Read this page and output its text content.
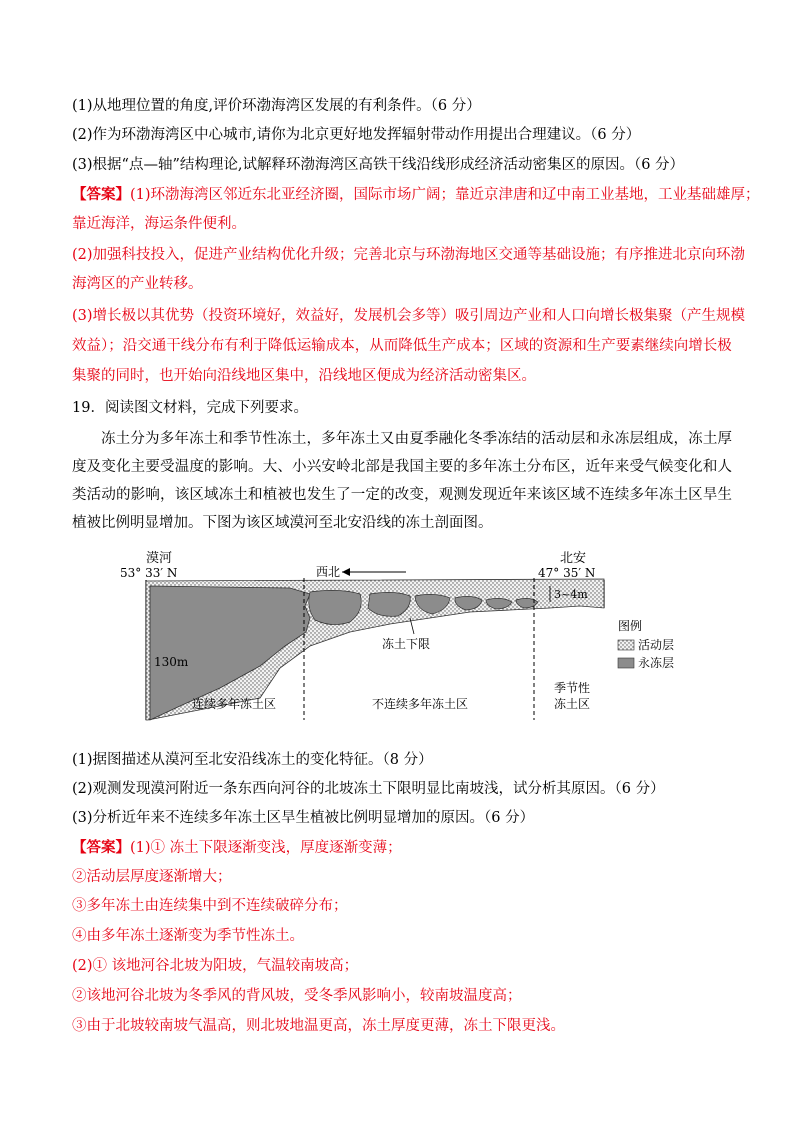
(1)从地理位置的角度,评价环渤海湾区发展的有利条件。（6 分）
(2)作为环渤海湾区中心城市,请你为北京更好地发挥辐射带动作用提出合理建议。（6 分）
(3)根据“点—轴”结构理论,试解释环渤海湾区高铁干线沿线形成经济活动密集区的原因。（6 分）
【答案】(1)环渤海湾区邻近东北亚经济圈，国际市场广阔；靠近京津唐和辽中南工业基地，工业基础雄厚；
靠近海洋，海运条件便利。
(2)加强科技投入，促进产业结构优化升级；完善北京与环渤海地区交通等基础设施；有序推进北京向环渤
海湾区的产业转移。
(3)增长极以其优势（投资环境好，效益好，发展机会多等）吸引周边产业和人口向增长极集聚（产生规模
效益）；沿交通干线分布有利于降低运输成本，从而降低生产成本；区域的资源和生产要素继续向增长极
集聚的同时，也开始向沿线地区集中，沿线地区便成为经济活动密集区。
19．阅读图文材料，完成下列要求。
冻土分为多年冻土和季节性冻土，多年冻土又由夏季融化冬季冻结的活动层和永冻层组成，冻土厚度及变化主要受温度的影响。大、小兴安岭北部是我国主要的多年冻土分布区，近年来受气候变化和人类活动的影响，该区域冻土和植被也发生了一定的改变，观测发现近年来该区域不连续多年冻土区旱生植被比例明显增加。下图为该区域漠河至北安沿线的冻土剖面图。
漠河
53° 33′ N
北安
47° 35′ N
西北
3~4m
冻土下限
130m
连续多年冻土区	不连续多年冻土区
季节性
冻土区
图例
活动层
永冻层
(1)据图描述从漠河至北安沿线冻土的变化特征。（8 分）
(2)观测发现漠河附近一条东西向河谷的北坡冻土下限明显比南坡浅，试分析其原因。（6 分）
(3)分析近年来不连续多年冻土区旱生植被比例明显增加的原因。（6 分）
【答案】(1)① 冻土下限逐渐变浅，厚度逐渐变薄；
②活动层厚度逐渐增大；
③多年冻土由连续集中到不连续破碎分布；
④由多年冻土逐渐变为季节性冻土。
(2)① 该地河谷北坡为阳坡，气温较南坡高；
②该地河谷北坡为冬季风的背风坡，受冬季风影响小，较南坡温度高；
③由于北坡较南坡气温高，则北坡地温更高，冻土厚度更薄，冻土下限更浅。
